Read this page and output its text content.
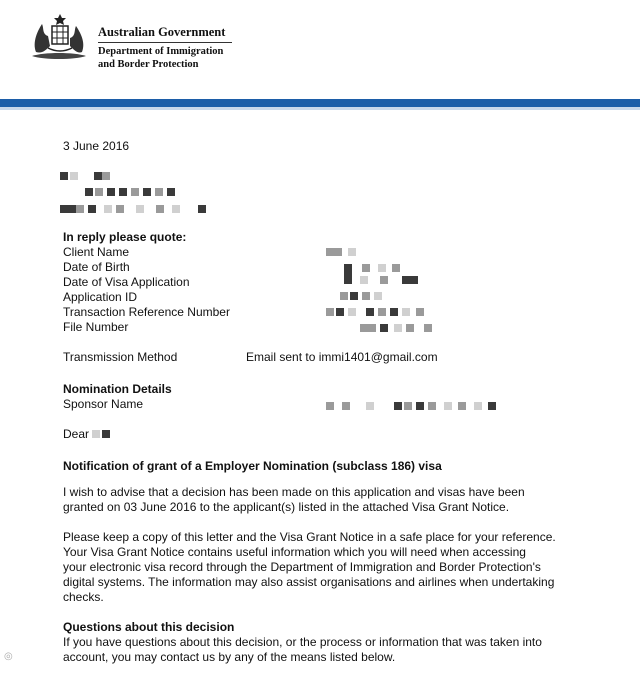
Australian Government
Department of Immigration
and Border Protection
3 June 2016
In reply please quote:
Client Name
Date of Birth
Date of Visa Application
Application ID
Transaction Reference Number
File Number
Transmission Method	Email sent to immi1401@gmail.com
Nomination Details
Sponsor Name
Dear
Notification of grant of a Employer Nomination (subclass 186) visa
I wish to advise that a decision has been made on this application and visas have been
granted on 03 June 2016 to the applicant(s) listed in the attached Visa Grant Notice.
Please keep a copy of this letter and the Visa Grant Notice in a safe place for your reference.
Your Visa Grant Notice contains useful information which you will need when accessing
your electronic visa record through the Department of Immigration and Border Protection's
digital systems. The information may also assist organisations and airlines when undertaking
checks.
Questions about this decision
If you have questions about this decision, or the process or information that was taken into
account, you may contact us by any of the means listed below.
◎
